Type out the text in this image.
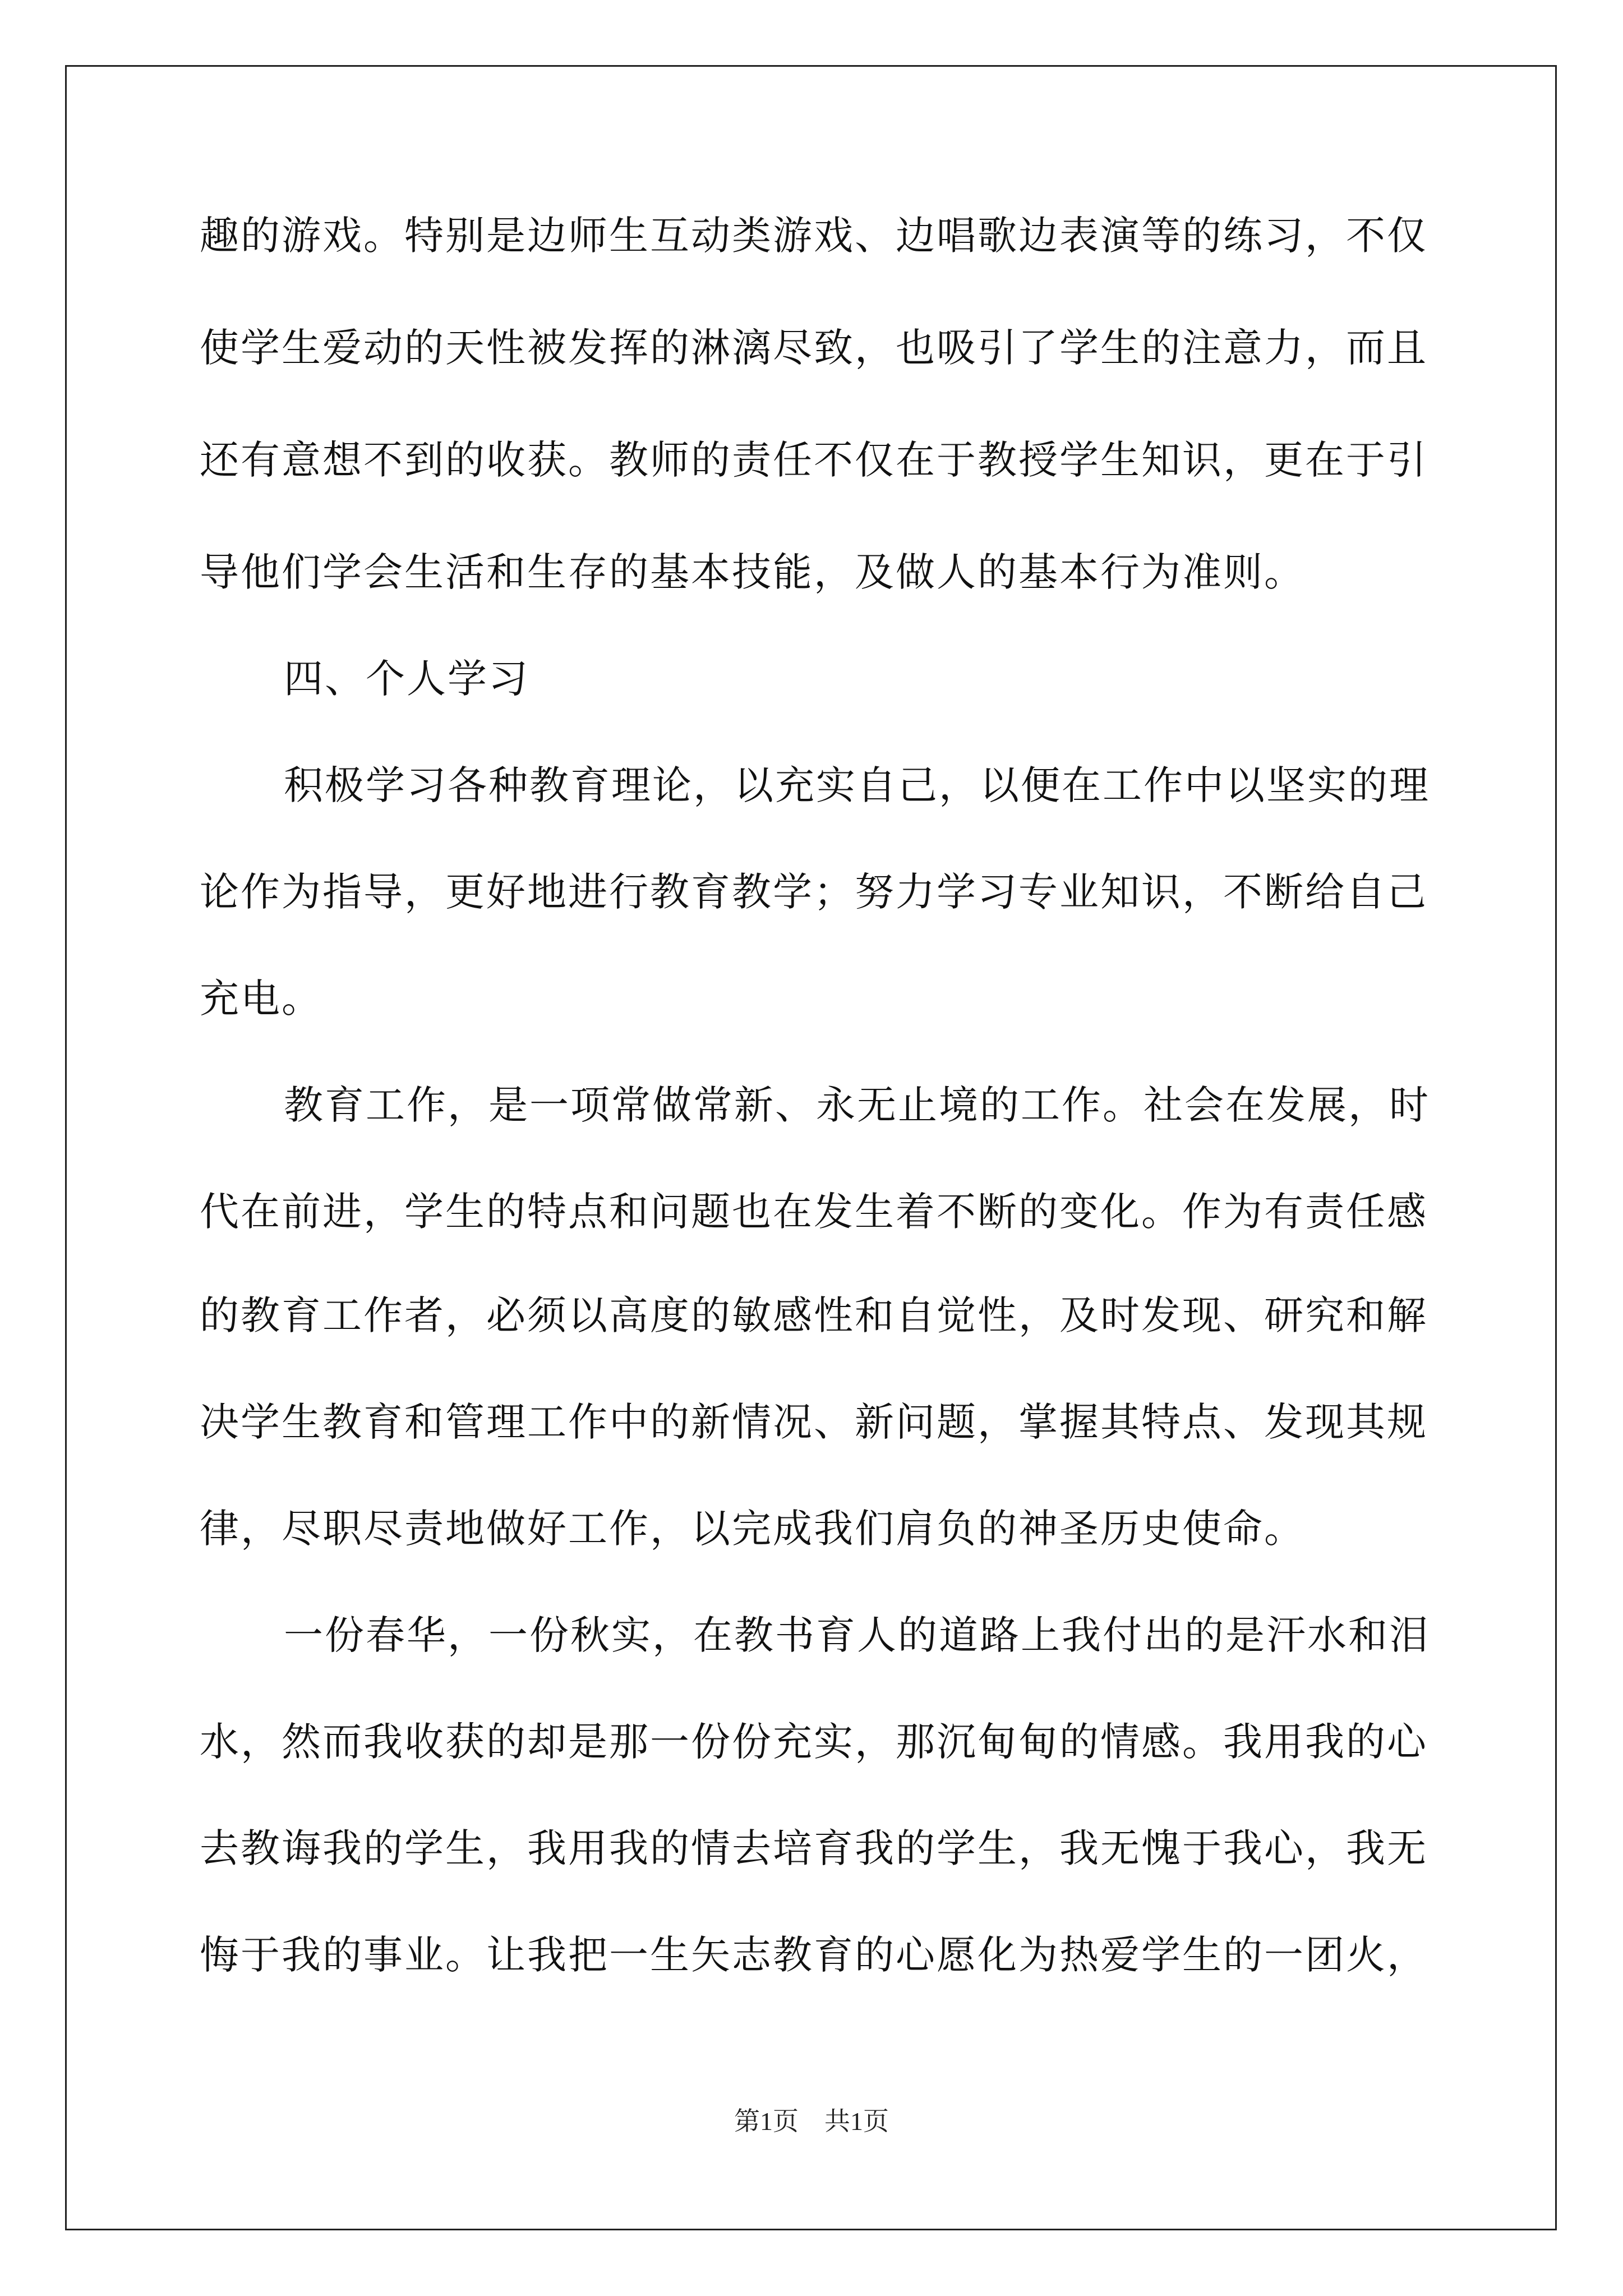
趣的游戏。特别是边师生互动类游戏、边唱歌边表演等的练习，不仅
使学生爱动的天性被发挥的淋漓尽致，也吸引了学生的注意力，而且
还有意想不到的收获。教师的责任不仅在于教授学生知识，更在于引
导他们学会生活和生存的基本技能，及做人的基本行为准则。
四、个人学习
积极学习各种教育理论，以充实自己，以便在工作中以坚实的理
论作为指导，更好地进行教育教学；努力学习专业知识，不断给自己
充电。
教育工作，是一项常做常新、永无止境的工作。社会在发展，时
代在前进，学生的特点和问题也在发生着不断的变化。作为有责任感
的教育工作者，必须以高度的敏感性和自觉性，及时发现、研究和解
决学生教育和管理工作中的新情况、新问题，掌握其特点、发现其规
律，尽职尽责地做好工作，以完成我们肩负的神圣历史使命。
一份春华，一份秋实，在教书育人的道路上我付出的是汗水和泪
水，然而我收获的却是那一份份充实，那沉甸甸的情感。我用我的心
去教诲我的学生，我用我的情去培育我的学生，我无愧于我心，我无
悔于我的事业。让我把一生矢志教育的心愿化为热爱学生的一团火，
第1页　共1页
